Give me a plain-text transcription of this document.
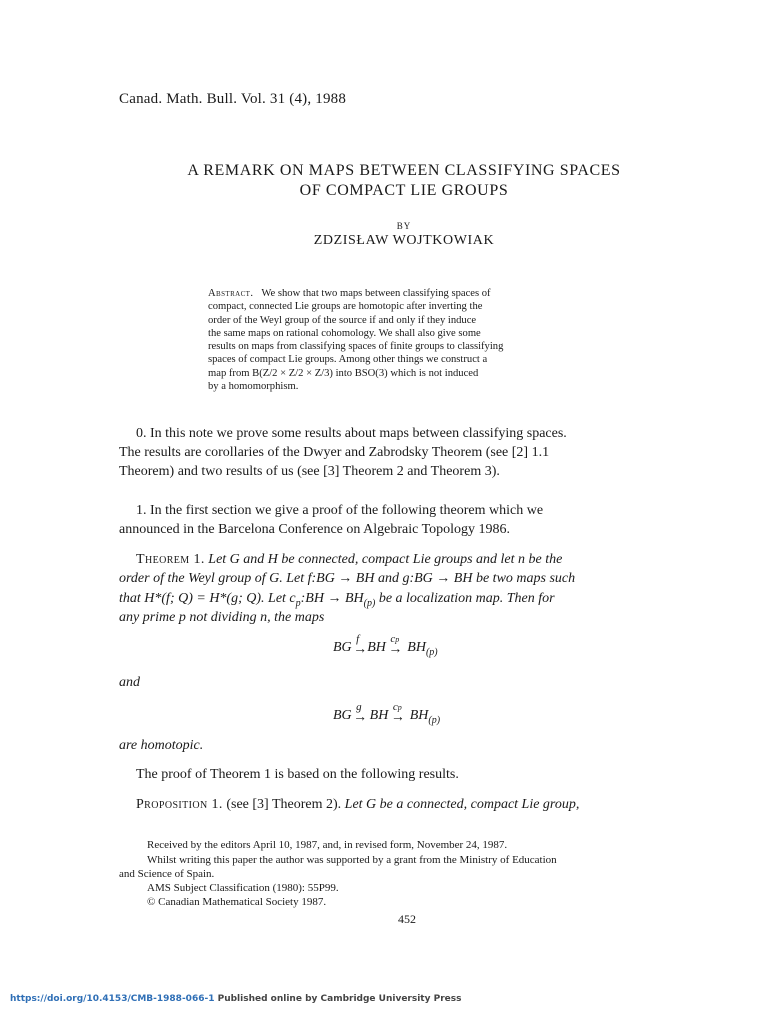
Canad. Math. Bull. Vol. 31 (4), 1988
A REMARK ON MAPS BETWEEN CLASSIFYING SPACES
OF COMPACT LIE GROUPS
BY
ZDZISŁAW WOJTKOWIAK
Abstract. We show that two maps between classifying spaces of
compact, connected Lie groups are homotopic after inverting the
order of the Weyl group of the source if and only if they induce
the same maps on rational cohomology. We shall also give some
results on maps from classifying spaces of finite groups to classifying
spaces of compact Lie groups. Among other things we construct a
map from B(Z/2 × Z/2 × Z/3) into BSO(3) which is not induced
by a homomorphism.
0. In this note we prove some results about maps between classifying spaces.
The results are corollaries of the Dwyer and Zabrodsky Theorem (see [2] 1.1
Theorem) and two results of us (see [3] Theorem 2 and Theorem 3).
1. In the first section we give a proof of the following theorem which we
announced in the Barcelona Conference on Algebraic Topology 1986.
Theorem 1. Let G and H be connected, compact Lie groups and let n be the
order of the Weyl group of G. Let f:BG → BH and g:BG → BH be two maps such
that H*(f; Q) = H*(g; Q). Let $c_p:BH \to BH_{(p)}$ be a localization map. Then for
any prime p not dividing n, the maps
BG $^f$
→ BH $^{cp}$
→ $BH_{(p)}$
and
BG $^g$
→ BH $^{cp}$
→ $BH_{(p)}$
are homotopic.
The proof of Theorem 1 is based on the following results.
Proposition 1. (see [3] Theorem 2). Let G be a connected, compact Lie group,
Received by the editors April 10, 1987, and, in revised form, November 24, 1987.
Whilst writing this paper the author was supported by a grant from the Ministry of Education
and Science of Spain.
AMS Subject Classification (1980): 55P99.
© Canadian Mathematical Society 1987.
452
https://doi.org/10.4153/CMB-1988-066-1 Published online by Cambridge University Press
